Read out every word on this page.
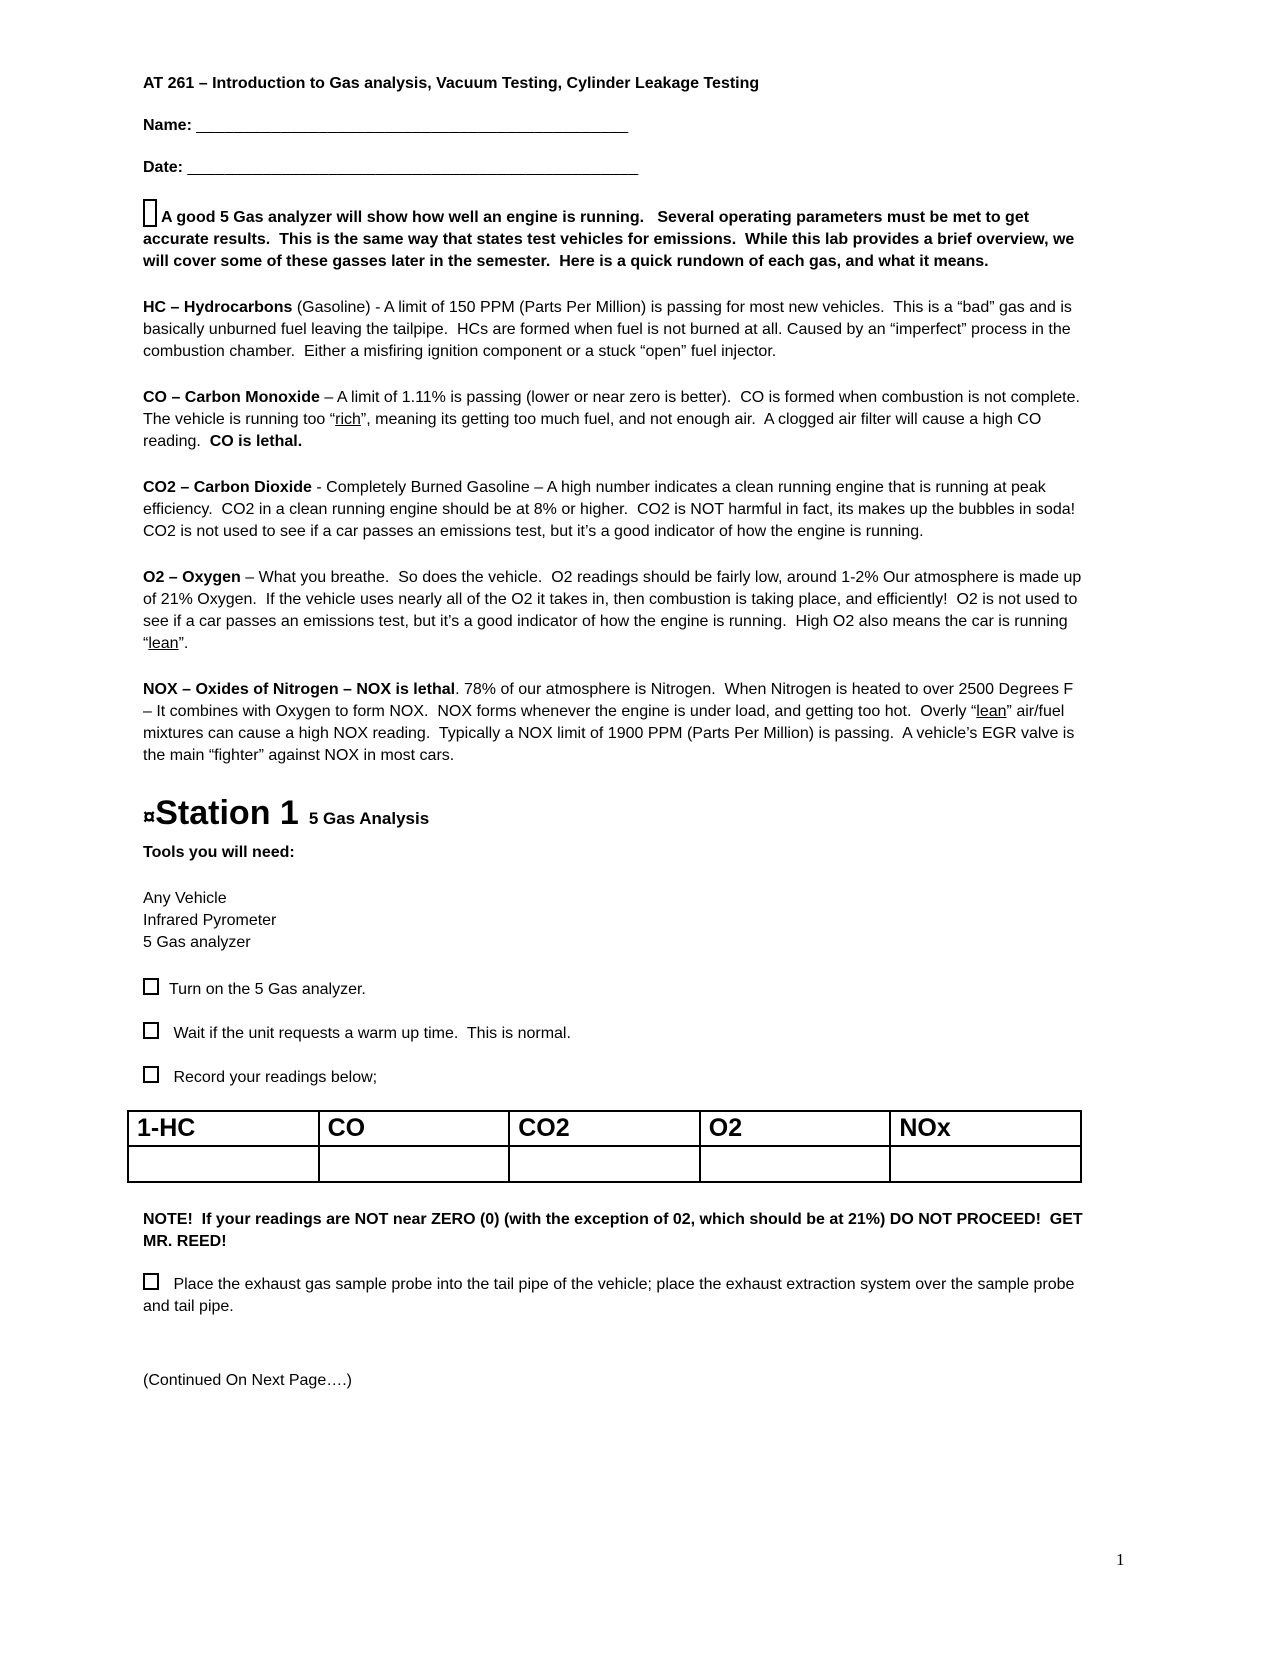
AT 261 – Introduction to Gas analysis, Vacuum Testing, Cylinder Leakage Testing

Name: ______________________________________________

Date: ________________________________________________

A good 5 Gas analyzer will show how well an engine is running.   Several operating parameters must be met to get accurate results.  This is the same way that states test vehicles for emissions.  While this lab provides a brief overview, we will cover some of these gasses later in the semester.  Here is a quick rundown of each gas, and what it means.

HC – Hydrocarbons (Gasoline) - A limit of 150 PPM (Parts Per Million) is passing for most new vehicles.  This is a “bad” gas and is basically unburned fuel leaving the tailpipe.  HCs are formed when fuel is not burned at all. Caused by an “imperfect” process in the combustion chamber.  Either a misfiring ignition component or a stuck “open” fuel injector.

CO – Carbon Monoxide – A limit of 1.11% is passing (lower or near zero is better).  CO is formed when combustion is not complete.  The vehicle is running too “rich”, meaning its getting too much fuel, and not enough air.  A clogged air filter will cause a high CO reading.  CO is lethal.

CO2 – Carbon Dioxide - Completely Burned Gasoline – A high number indicates a clean running engine that is running at peak efficiency.  CO2 in a clean running engine should be at 8% or higher.  CO2 is NOT harmful in fact, its makes up the bubbles in soda!  CO2 is not used to see if a car passes an emissions test, but it’s a good indicator of how the engine is running.

O2 – Oxygen – What you breathe.  So does the vehicle.  O2 readings should be fairly low, around 1-2% Our atmosphere is made up of 21% Oxygen.  If the vehicle uses nearly all of the O2 it takes in, then combustion is taking place, and efficiently!  O2 is not used to see if a car passes an emissions test, but it’s a good indicator of how the engine is running.  High O2 also means the car is running “lean”.

NOX – Oxides of Nitrogen – NOX is lethal. 78% of our atmosphere is Nitrogen.  When Nitrogen is heated to over 2500 Degrees F – It combines with Oxygen to form NOX.  NOX forms whenever the engine is under load, and getting too hot.  Overly “lean” air/fuel mixtures can cause a high NOX reading.  Typically a NOX limit of 1900 PPM (Parts Per Million) is passing.  A vehicle’s EGR valve is the main “fighter” against NOX in most cars.

¤Station 1 5 Gas Analysis

Tools you will need:

Any Vehicle
Infrared Pyrometer
5 Gas analyzer

Turn on the 5 Gas analyzer.

Wait if the unit requests a warm up time.  This is normal.

Record your readings below;

1-HC	CO	CO2	O2	NOx

NOTE!  If your readings are NOT near ZERO (0) (with the exception of 02, which should be at 21%) DO NOT PROCEED!  GET MR. REED!

Place the exhaust gas sample probe into the tail pipe of the vehicle; place the exhaust extraction system over the sample probe and tail pipe.

(Continued On Next Page….)

1
